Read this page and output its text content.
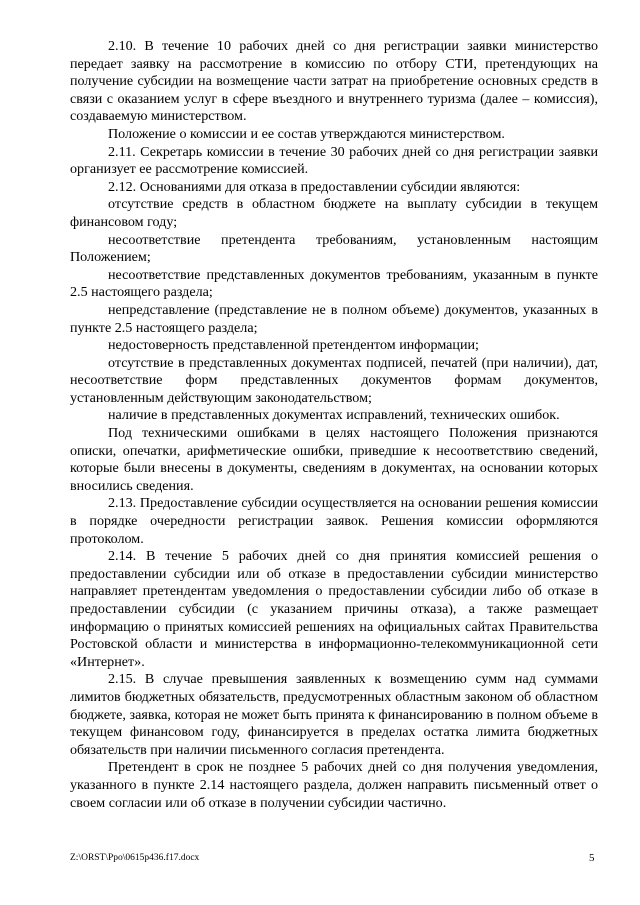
2.10. В течение 10 рабочих дней со дня регистрации заявки министерство передает заявку на рассмотрение в комиссию по отбору СТИ, претендующих на получение субсидии на возмещение части затрат на приобретение основных средств в связи с оказанием услуг в сфере въездного и внутреннего туризма (далее – комиссия), создаваемую министерством.

Положение о комиссии и ее состав утверждаются министерством.

2.11. Секретарь комиссии в течение 30 рабочих дней со дня регистрации заявки организует ее рассмотрение комиссией.

2.12. Основаниями для отказа в предоставлении субсидии являются:

отсутствие средств в областном бюджете на выплату субсидии в текущем финансовом году;

несоответствие претендента требованиям, установленным настоящим Положением;

несоответствие представленных документов требованиям, указанным в пункте 2.5 настоящего раздела;

непредставление (представление не в полном объеме) документов, указанных в пункте 2.5 настоящего раздела;

недостоверность представленной претендентом информации;

отсутствие в представленных документах подписей, печатей (при наличии), дат, несоответствие форм представленных документов формам документов, установленным действующим законодательством;

наличие в представленных документах исправлений, технических ошибок.

Под техническими ошибками в целях настоящего Положения признаются описки, опечатки, арифметические ошибки, приведшие к несоответствию сведений, которые были внесены в документы, сведениям в документах, на основании которых вносились сведения.

2.13. Предоставление субсидии осуществляется на основании решения комиссии в порядке очередности регистрации заявок. Решения комиссии оформляются протоколом.

2.14. В течение 5 рабочих дней со дня принятия комиссией решения о предоставлении субсидии или об отказе в предоставлении субсидии министерство направляет претендентам уведомления о предоставлении субсидии либо об отказе в предоставлении субсидии (с указанием причины отказа), а также размещает информацию о принятых комиссией решениях на официальных сайтах Правительства Ростовской области и министерства в информационно-телекоммуникационной сети «Интернет».

2.15. В случае превышения заявленных к возмещению сумм над суммами лимитов бюджетных обязательств, предусмотренных областным законом об областном бюджете, заявка, которая не может быть принята к финансированию в полном объеме в текущем финансовом году, финансируется в пределах остатка лимита бюджетных обязательств при наличии письменного согласия претендента.

Претендент в срок не позднее 5 рабочих дней со дня получения уведомления, указанного в пункте 2.14 настоящего раздела, должен направить письменный ответ о своем согласии или об отказе в получении субсидии частично.

Z:\ORST\Ppo\0615p436.f17.docx	5
